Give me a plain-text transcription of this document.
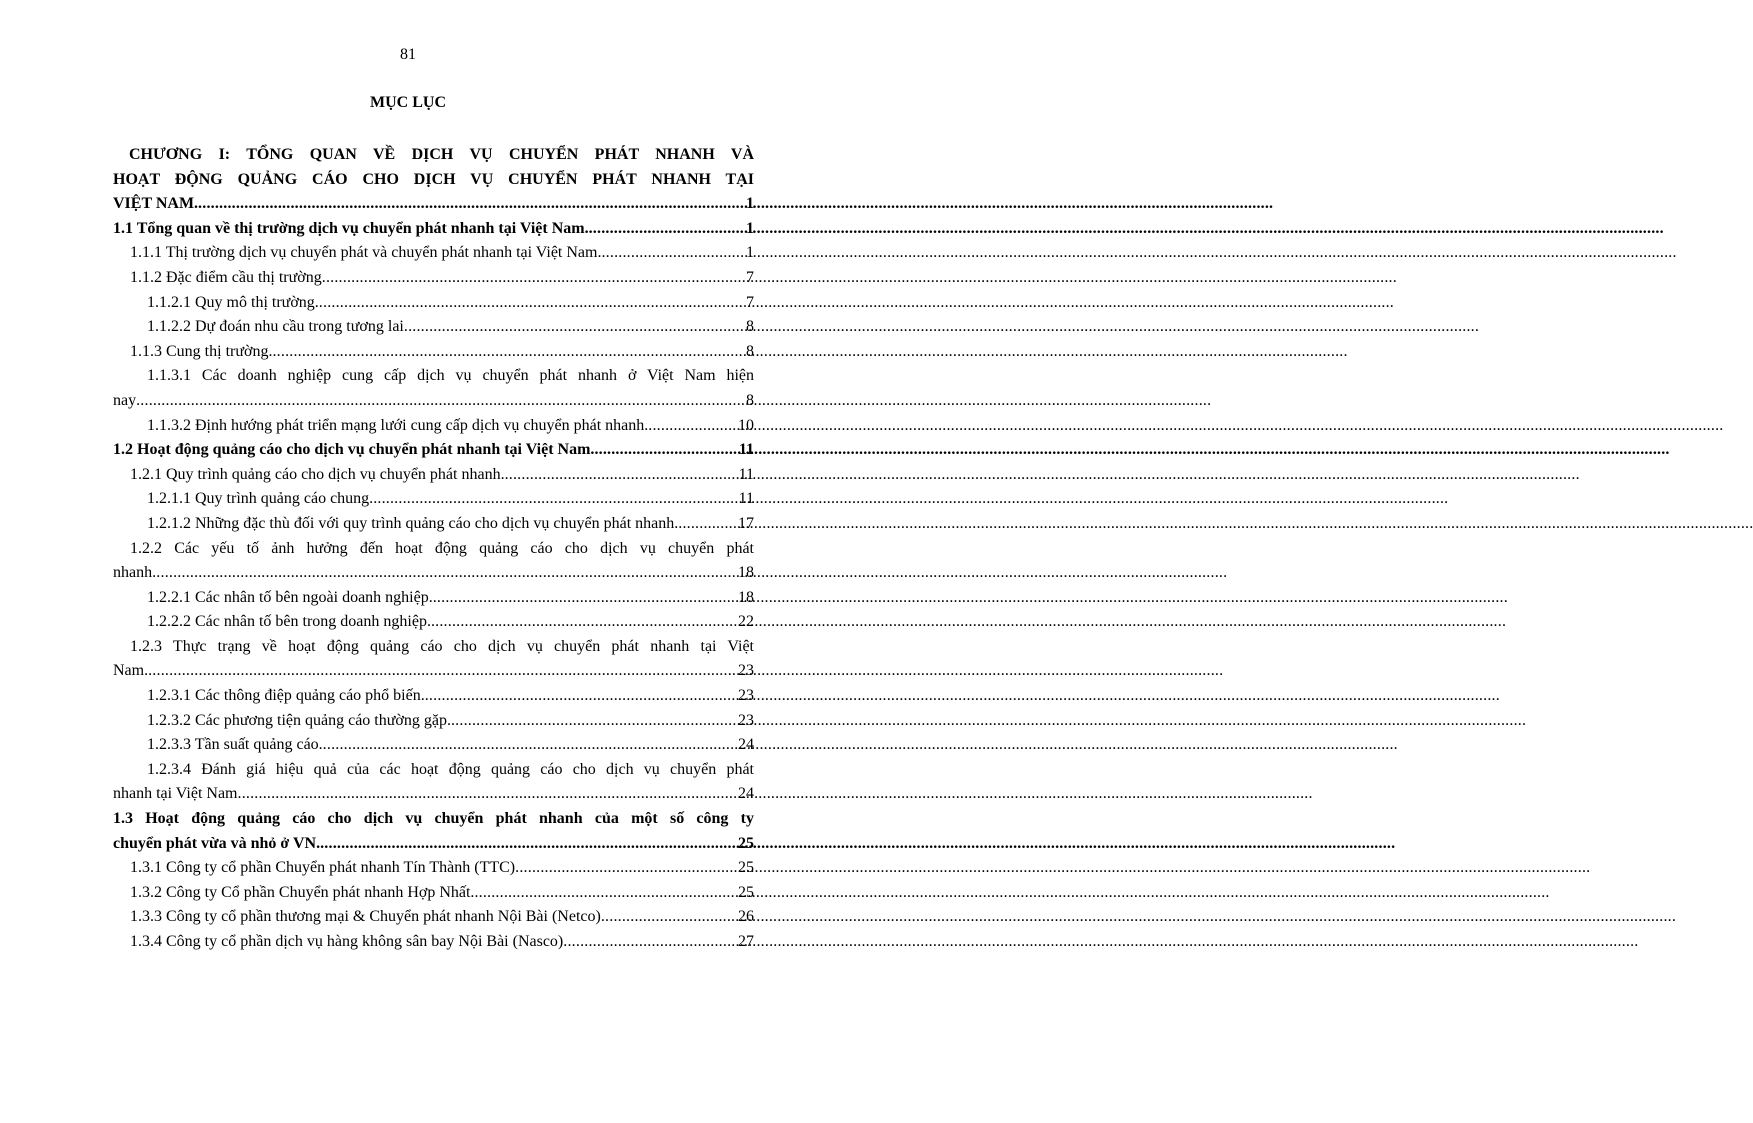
81
MỤC LỤC
CHƯƠNG I: TỔNG QUAN VỀ DỊCH VỤ CHUYỂN PHÁT NHANH VÀ
HOẠT ĐỘNG QUẢNG CÁO CHO DỊCH VỤ CHUYỂN PHÁT NHANH TẠI
VIỆT NAM. .....	1
1.1 Tổng quan về thị trường dịch vụ chuyển phát nhanh tại Việt Nam. .....	1
1.1.1 Thị trường dịch vụ chuyển phát và chuyển phát nhanh tại Việt Nam. .....	1
1.1.2 Đặc điểm cầu thị trường .....	7
1.1.2.1 Quy mô thị trường. .....	7
1.1.2.2 Dự đoán nhu cầu trong tương lai .....	8
1.1.3 Cung thị trường. .....	8
1.1.3.1 Các doanh nghiệp cung cấp dịch vụ chuyển phát nhanh ở Việt Nam hiện
nay .....	8
1.1.3.2 Định hướng phát triển mạng lưới cung cấp dịch vụ chuyển phát nhanh. .....	10
1.2 Hoạt động quảng cáo cho dịch vụ chuyển phát nhanh tại Việt Nam. .....	11
1.2.1 Quy trình quảng cáo cho dịch vụ chuyển phát nhanh. .....	11
1.2.1.1 Quy trình quảng cáo chung. .....	11
1.2.1.2 Những đặc thù đối với quy trình quảng cáo cho dịch vụ chuyển phát nhanh. .....	17
1.2.2 Các yếu tố ảnh hưởng đến hoạt động quảng cáo cho dịch vụ chuyển phát
nhanh .....	18
1.2.2.1 Các nhân tố bên ngoài doanh nghiệp. .....	18
1.2.2.2 Các nhân tố bên trong doanh nghiệp. .....	22
1.2.3 Thực trạng về hoạt động quảng cáo cho dịch vụ chuyển phát nhanh tại Việt
Nam. .....	23
1.2.3.1 Các thông điệp quảng cáo phổ biến. .....	23
1.2.3.2 Các phương tiện quảng cáo thường gặp. .....	23
1.2.3.3 Tần suất quảng cáo. .....	24
1.2.3.4 Đánh giá hiệu quả của các hoạt động quảng cáo cho dịch vụ chuyển phát
nhanh tại Việt Nam .....	24
1.3 Hoạt động quảng cáo cho dịch vụ chuyển phát nhanh của một số công ty
chuyển phát vừa và nhỏ ở VN. .....	25
1.3.1 Công ty cổ phần Chuyển phát nhanh Tín Thành (TTC) .....	25
1.3.2 Công ty Cổ phần Chuyển phát nhanh Hợp Nhất. .....	25
1.3.3 Công ty cổ phần thương mại & Chuyển phát nhanh Nội Bài (Netco) .....	26
1.3.4 Công ty cổ phần dịch vụ hàng không sân bay Nội Bài (Nasco) .....	27
